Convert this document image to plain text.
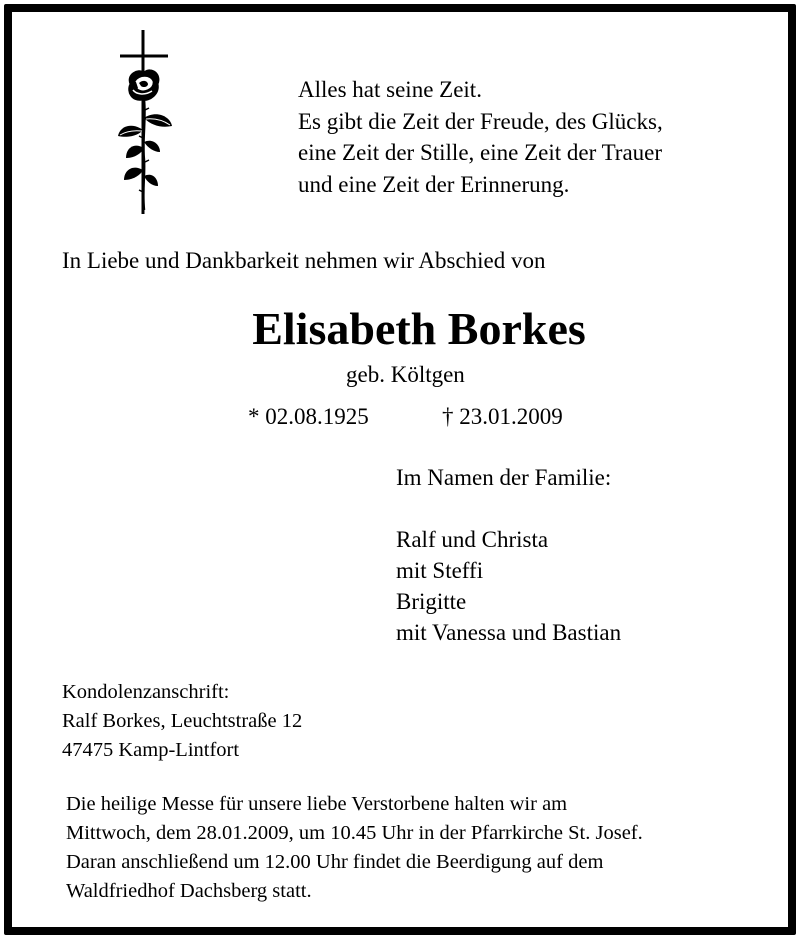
Alles hat seine Zeit.
Es gibt die Zeit der Freude, des Glücks,
eine Zeit der Stille, eine Zeit der Trauer
und eine Zeit der Erinnerung.
In Liebe und Dankbarkeit nehmen wir Abschied von
Elisabeth Borkes
geb. Költgen
* 02.08.1925	† 23.01.2009
Im Namen der Familie:
Ralf und Christa
mit Steffi
Brigitte
mit Vanessa und Bastian
Kondolenzanschrift:
Ralf Borkes, Leuchtstraße 12
47475 Kamp-Lintfort
Die heilige Messe für unsere liebe Verstorbene halten wir am
Mittwoch, dem 28.01.2009, um 10.45 Uhr in der Pfarrkirche St. Josef.
Daran anschließend um 12.00 Uhr findet die Beerdigung auf dem
Waldfriedhof Dachsberg statt.
